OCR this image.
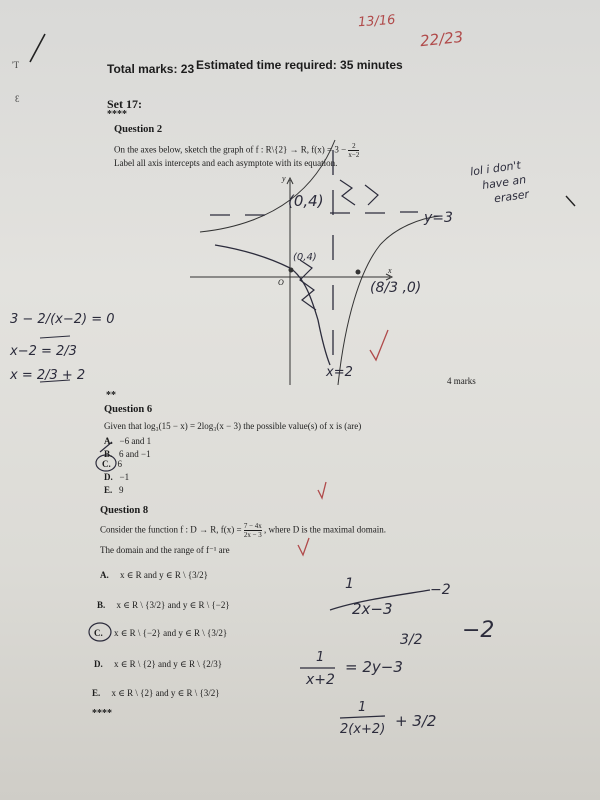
'T
Ɛ
13/16
22/23
Total marks: 23 Estimated time required: 35 minutes
Set 17:
****
Question 2
On the axes below, sketch the graph of f : R\{2} → R, $f(x) = 3 - \frac{2}{x-2}$
Label all axis intercepts and each asymptote with its equation.
y
x
O
4 marks
**
lol i don't
have an
eraser
y=3
x=2
(0,4)
(0,4)
(8/3 ,0)
3 − 2/(x−2) = 0
x−2 = 2/3
x = 2/3 + 2
Question 6
Given that log₃(15 − x) = 2log₃(x − 3) the possible value(s) of x is (are)
A. −6 and 1
B. 6 and −1
C. 6
D. −1
E. 9
Question 8
Consider the function f : D → R, $f(x) = \frac{7 - 4x}{2x - 3}$ , where D is the maximal domain.
The domain and the range of f⁻¹ are
A. x ∈ R and y ∈ R \ {3/2}
B. x ∈ R \ {3/2} and y ∈ R \ {−2}
C. x ∈ R \ {−2} and y ∈ R \ {3/2}
D. x ∈ R \ {2} and y ∈ R \ {2/3}
E. x ∈ R \ {2} and y ∈ R \ {3/2}
****
1
2x−3
−2
3/2 −2
1
x+2
= 2y−3
1
2(x+2) + 3/2
